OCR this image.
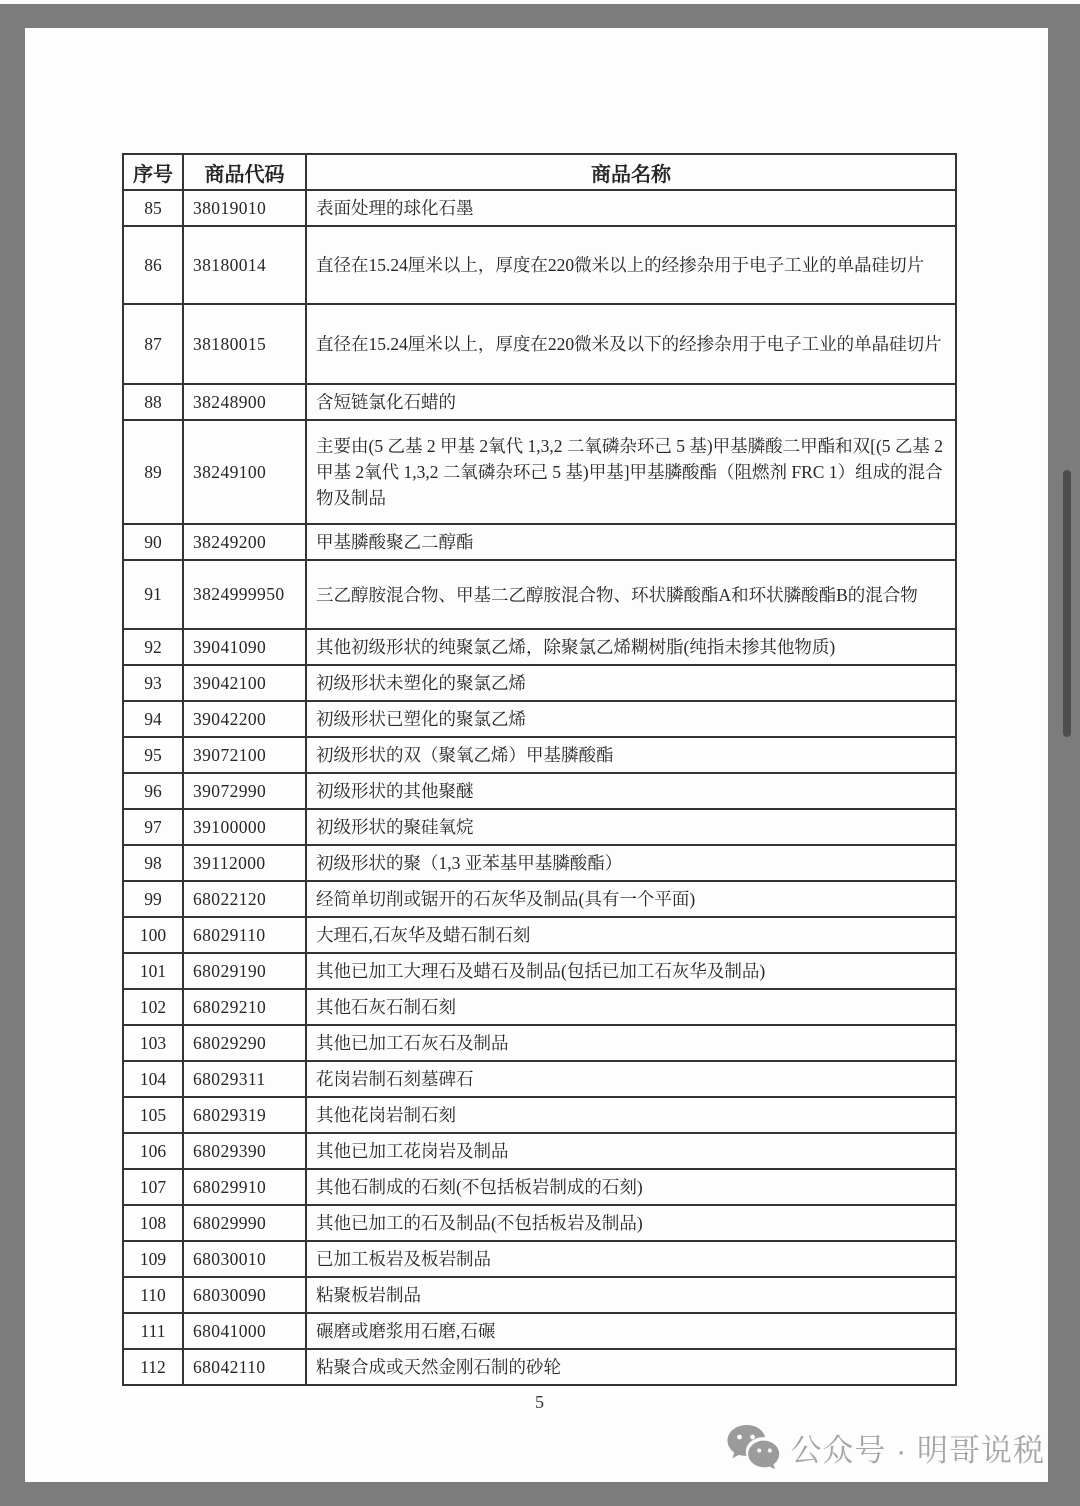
序号	商品代码	商品名称
85	38019010	表面处理的球化石墨
86	38180014	直径在15.24厘米以上，厚度在220微米以上的经掺杂用于电子工业的单晶硅切片
87	38180015	直径在15.24厘米以上，厚度在220微米及以下的经掺杂用于电子工业的单晶硅切片
88	38248900	含短链氯化石蜡的
89	38249100	主要由(5 乙基 2 甲基 2氧代 1,3,2 二氧磷杂环己 5 基)甲基膦酸二甲酯和双[(5 乙基 2 甲基 2氧代 1,3,2 二氧磷杂环己 5 基)甲基]甲基膦酸酯（阻燃剂 FRC 1）组成的混合物及制品
90	38249200	甲基膦酸聚乙二醇酯
91	3824999950	三乙醇胺混合物、甲基二乙醇胺混合物、环状膦酸酯A和环状膦酸酯B的混合物
92	39041090	其他初级形状的纯聚氯乙烯，除聚氯乙烯糊树脂(纯指未掺其他物质)
93	39042100	初级形状未塑化的聚氯乙烯
94	39042200	初级形状已塑化的聚氯乙烯
95	39072100	初级形状的双（聚氧乙烯）甲基膦酸酯
96	39072990	初级形状的其他聚醚
97	39100000	初级形状的聚硅氧烷
98	39112000	初级形状的聚（1,3 亚苯基甲基膦酸酯）
99	68022120	经简单切削或锯开的石灰华及制品(具有一个平面)
100	68029110	大理石,石灰华及蜡石制石刻
101	68029190	其他已加工大理石及蜡石及制品(包括已加工石灰华及制品)
102	68029210	其他石灰石制石刻
103	68029290	其他已加工石灰石及制品
104	68029311	花岗岩制石刻墓碑石
105	68029319	其他花岗岩制石刻
106	68029390	其他已加工花岗岩及制品
107	68029910	其他石制成的石刻(不包括板岩制成的石刻)
108	68029990	其他已加工的石及制品(不包括板岩及制品)
109	68030010	已加工板岩及板岩制品
110	68030090	粘聚板岩制品
111	68041000	碾磨或磨浆用石磨,石碾
112	68042110	粘聚合成或天然金刚石制的砂轮
5
公众号 · 明哥说税
